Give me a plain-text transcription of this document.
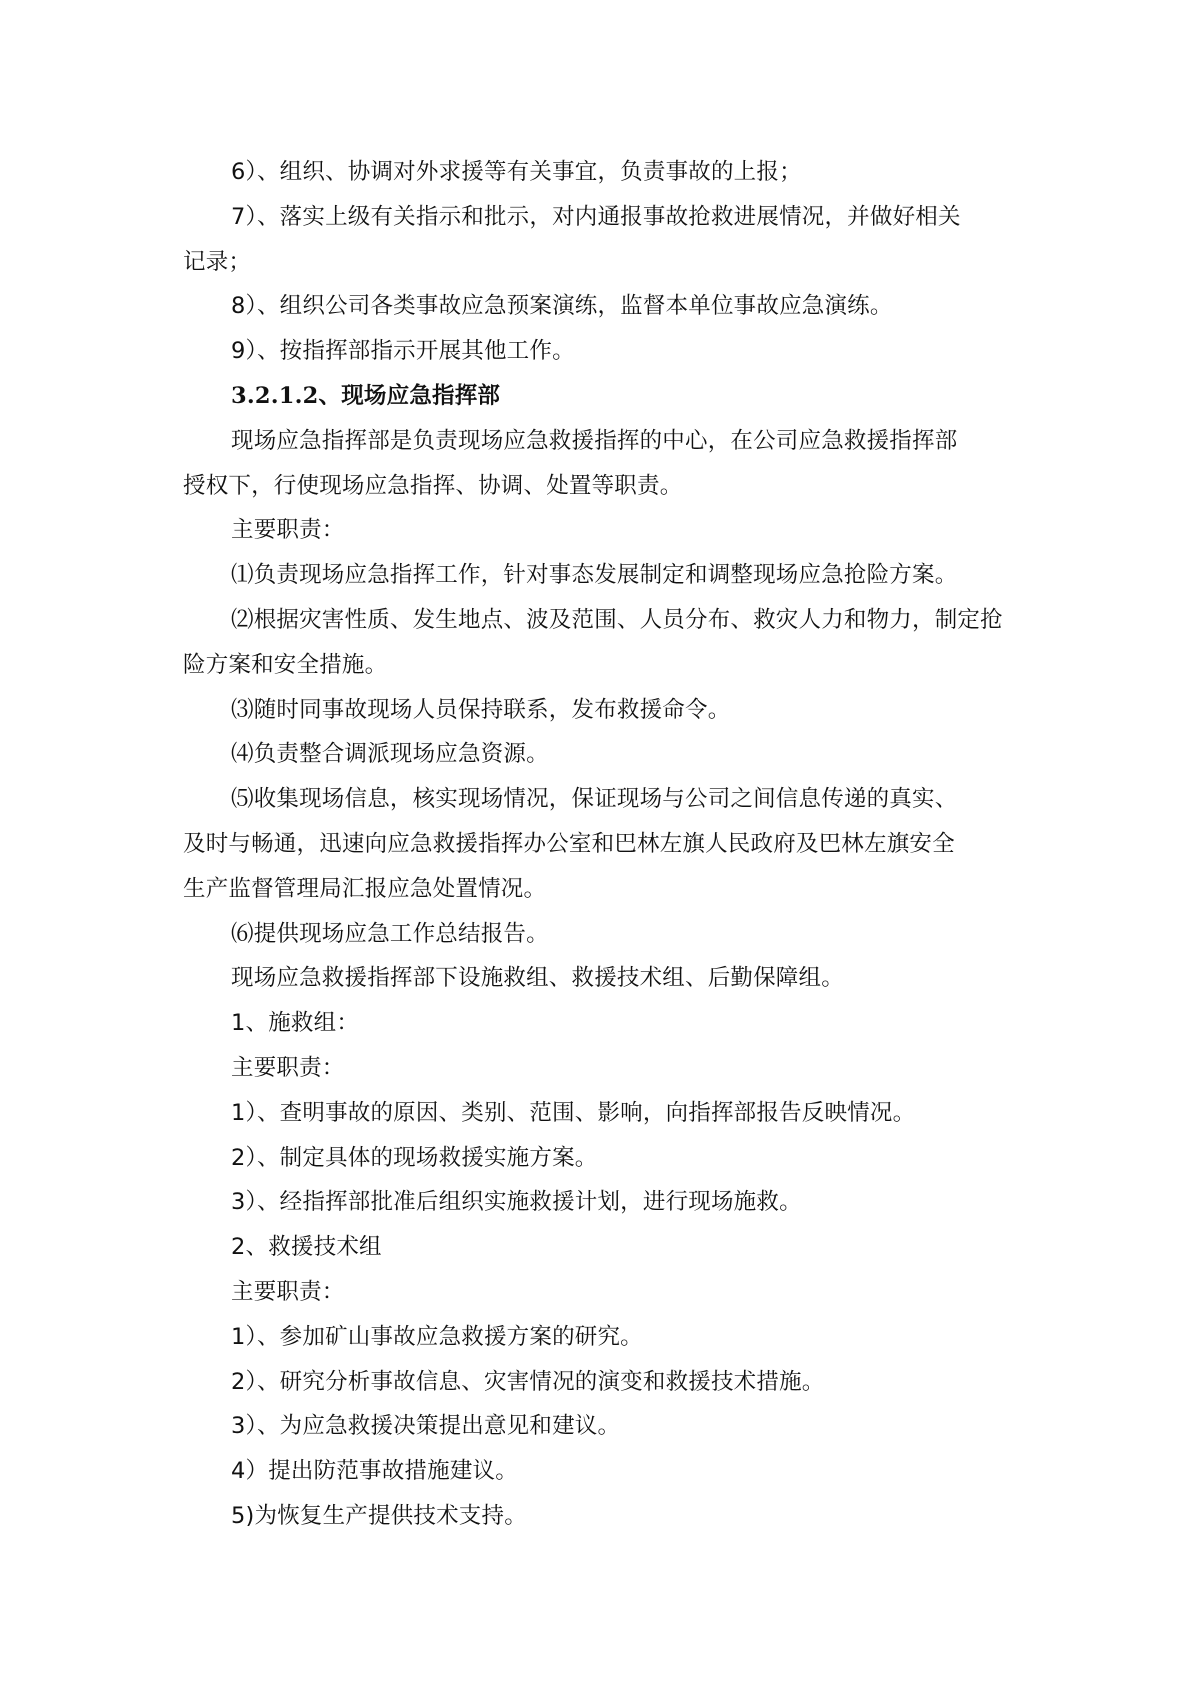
6）、组织、协调对外求援等有关事宜，负责事故的上报；

7）、落实上级有关指示和批示，对内通报事故抢救进展情况，并做好相关

记录；

8）、组织公司各类事故应急预案演练，监督本单位事故应急演练。

9）、按指挥部指示开展其他工作。

3.2.1.2、现场应急指挥部

现场应急指挥部是负责现场应急救援指挥的中心，在公司应急救援指挥部

授权下，行使现场应急指挥、协调、处置等职责。

主要职责：

⑴负责现场应急指挥工作，针对事态发展制定和调整现场应急抢险方案。

⑵根据灾害性质、发生地点、波及范围、人员分布、救灾人力和物力，制定抢

险方案和安全措施。

⑶随时同事故现场人员保持联系，发布救援命令。

⑷负责整合调派现场应急资源。

⑸收集现场信息，核实现场情况，保证现场与公司之间信息传递的真实、

及时与畅通，迅速向应急救援指挥办公室和巴林左旗人民政府及巴林左旗安全

生产监督管理局汇报应急处置情况。

⑹提供现场应急工作总结报告。

现场应急救援指挥部下设施救组、救援技术组、后勤保障组。

1、施救组：

主要职责：

1）、查明事故的原因、类别、范围、影响，向指挥部报告反映情况。

2）、制定具体的现场救援实施方案。

3）、经指挥部批准后组织实施救援计划，进行现场施救。

2、救援技术组

主要职责：

1）、参加矿山事故应急救援方案的研究。

2）、研究分析事故信息、灾害情况的演变和救援技术措施。

3）、为应急救援决策提出意见和建议。

4）提出防范事故措施建议。

5)为恢复生产提供技术支持。
